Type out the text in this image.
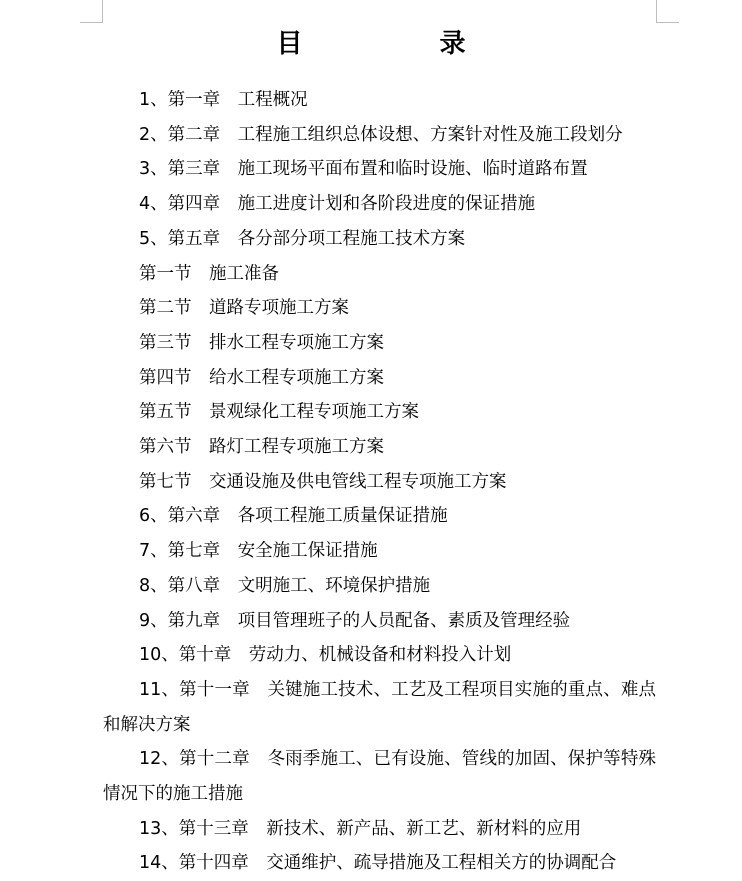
目 录

1、第一章　工程概况

2、第二章　工程施工组织总体设想、方案针对性及施工段划分

3、第三章　施工现场平面布置和临时设施、临时道路布置

4、第四章　施工进度计划和各阶段进度的保证措施

5、第五章　各分部分项工程施工技术方案

第一节　施工准备

第二节　道路专项施工方案

第三节　排水工程专项施工方案

第四节　给水工程专项施工方案

第五节　景观绿化工程专项施工方案

第六节　路灯工程专项施工方案

第七节　交通设施及供电管线工程专项施工方案

6、第六章　各项工程施工质量保证措施

7、第七章　安全施工保证措施

8、第八章　文明施工、环境保护措施

9、第九章　项目管理班子的人员配备、素质及管理经验

10、第十章　劳动力、机械设备和材料投入计划

11、第十一章　关键施工技术、工艺及工程项目实施的重点、难点和解决方案

12、第十二章　冬雨季施工、已有设施、管线的加固、保护等特殊情况下的施工措施

13、第十三章　新技术、新产品、新工艺、新材料的应用

14、第十四章　交通维护、疏导措施及工程相关方的协调配合
